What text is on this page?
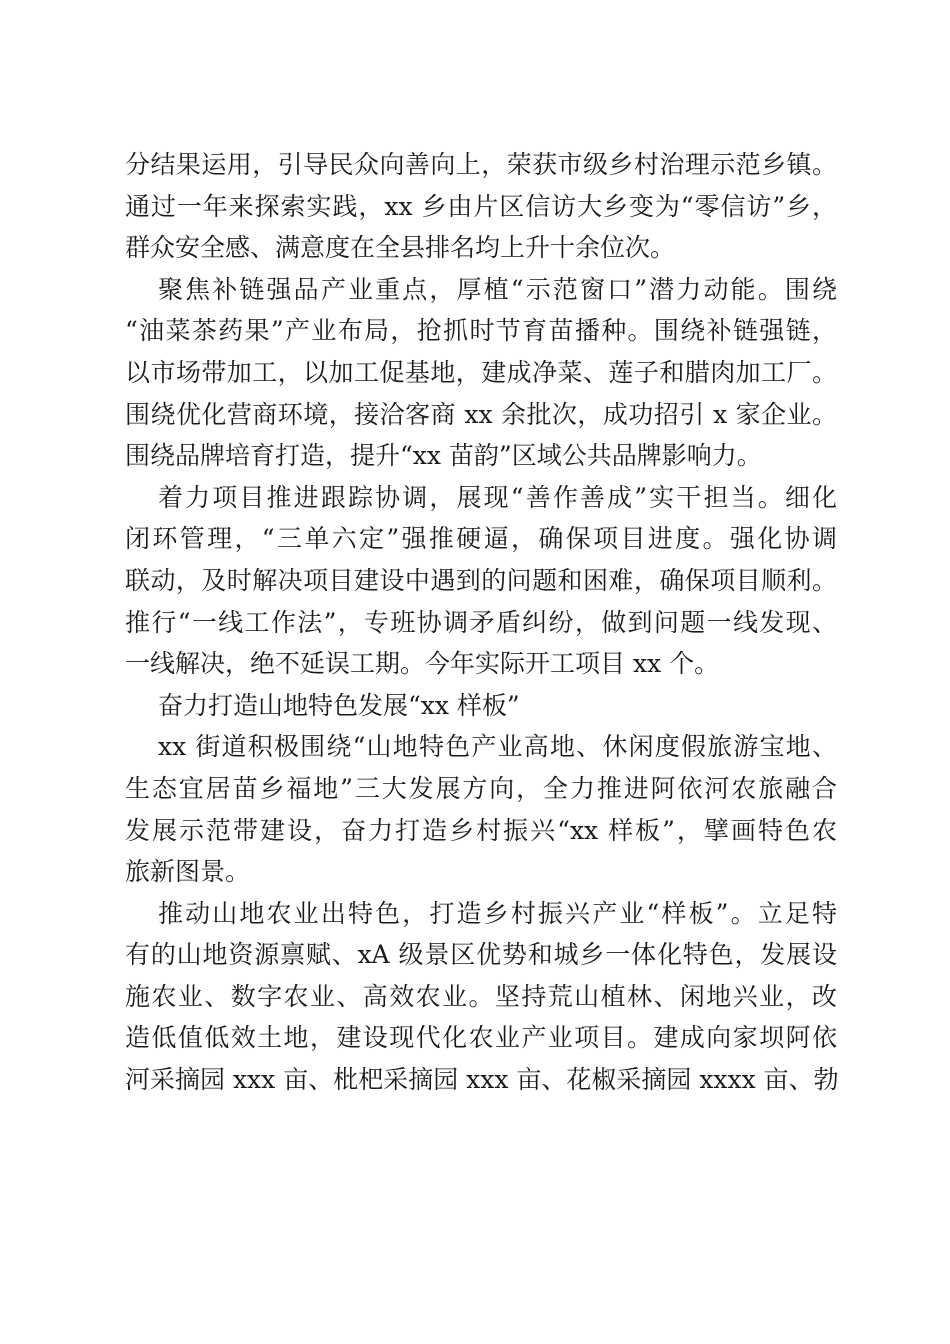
分结果运用，引导民众向善向上，荣获市级乡村治理示范乡镇。
通过一年来探索实践，xx 乡由片区信访大乡变为“零信访”乡，
群众安全感、满意度在全县排名均上升十余位次。
聚焦补链强品产业重点，厚植“示范窗口”潜力动能。围绕
“油菜茶药果”产业布局，抢抓时节育苗播种。围绕补链强链，
以市场带加工，以加工促基地，建成净菜、莲子和腊肉加工厂。
围绕优化营商环境，接洽客商 xx 余批次，成功招引 x 家企业。
围绕品牌培育打造，提升“xx 苗韵”区域公共品牌影响力。
着力项目推进跟踪协调，展现“善作善成”实干担当。细化
闭环管理，“三单六定”强推硬逼，确保项目进度。强化协调
联动，及时解决项目建设中遇到的问题和困难，确保项目顺利。
推行“一线工作法”，专班协调矛盾纠纷，做到问题一线发现、
一线解决，绝不延误工期。今年实际开工项目 xx 个。
奋力打造山地特色发展“xx 样板”
xx 街道积极围绕“山地特色产业高地、休闲度假旅游宝地、
生态宜居苗乡福地”三大发展方向，全力推进阿依河农旅融合
发展示范带建设，奋力打造乡村振兴“xx 样板”，擘画特色农
旅新图景。
推动山地农业出特色，打造乡村振兴产业“样板”。立足特
有的山地资源禀赋、xA 级景区优势和城乡一体化特色，发展设
施农业、数字农业、高效农业。坚持荒山植林、闲地兴业，改
造低值低效土地，建设现代化农业产业项目。建成向家坝阿依
河采摘园 xxx 亩、枇杷采摘园 xxx 亩、花椒采摘园 xxxx 亩、勃
